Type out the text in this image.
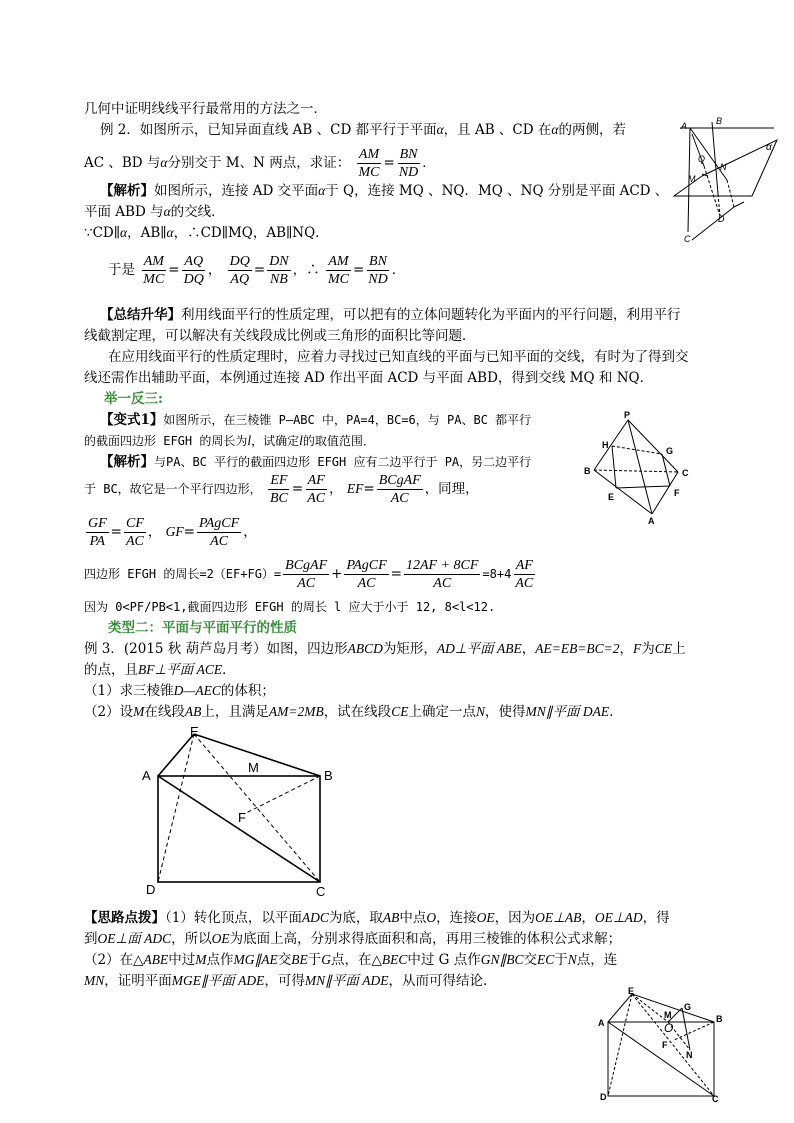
几何中证明线线平行最常用的方法之一．
例 2．如图所示，已知异面直线 AB 、CD 都平行于平面α，且 AB 、CD 在α的两侧，若
AC 、BD 与α分别交于 M、N 两点，求证： $\frac{AM}{MC} = \frac{BN}{ND}$ ．
【解析】如图所示，连接 AD 交平面α于 Q，连接 MQ 、NQ．MQ 、NQ 分别是平面 ACD 、
平面 ABD 与α的交线．
∵CD∥α，AB∥α，∴CD∥MQ，AB∥NQ．
于是 $\frac{AM}{MC} = \frac{AQ}{DQ}$ ， $\frac{DQ}{AQ} = \frac{DN}{NB}$ ，∴ $\frac{AM}{MC} = \frac{BN}{ND}$ ．
【总结升华】利用线面平行的性质定理，可以把有的立体问题转化为平面内的平行问题，利用平行
线截割定理，可以解决有关线段成比例或三角形的面积比等问题．
在应用线面平行的性质定理时，应着力寻找过已知直线的平面与已知平面的交线，有时为了得到交
线还需作出辅助平面，本例通过连接 AD 作出平面 ACD 与平面 ABD，得到交线 MQ 和 NQ．
举一反三:
【变式1】如图所示，在三棱锥 P—ABC 中，PA=4，BC=6，与 PA、BC 都平行
的截面四边形 EFGH 的周长为l，试确定l的取值范围．
【解析】与PA、BC 平行的截面四边形 EFGH 应有二边平行于 PA，另二边平行
于 BC，故它是一个平行四边形， $\frac{EF}{BC} = \frac{AF}{AC}$ ， $EF= \frac{\text{BCgAF}}{AC}$ ，同理，
$\frac{GF}{PA} = \frac{CF}{AC}$ ， $GF= \frac{\text{PAgCF}}{AC}$ ，
四边形 EFGH 的周长$=2(EF+FG)= \frac{\text{BCgAF}}{AC} + \frac{\text{PAgCF}}{AC} = \frac{12AF + 8CF}{AC} =8+4 \frac{AF}{AC}$
因为 0<PF/PB<1,截面四边形 EFGH 的周长 l 应大于小于 12, 8<l<12.
类型二：平面与平面平行的性质
例 3．(2015 秋 葫芦岛月考）如图，四边形ABCD为矩形，AD⊥平面 ABE，AE=EB=BC=2，F为CE上
的点，且BF⊥平面 ACE．
（1）求三棱锥D—AEC的体积；
（2）设M在线段AB上，且满足AM=2MB，试在线段CE上确定一点N，使得MN∥平面 DAE．
【思路点拨】（1）转化顶点，以平面ADC为底，取AB中点O，连接OE，因为OE⊥AB，OE⊥AD，得
到OE⊥面 ADC，所以OE为底面上高，分别求得底面积和高，再用三棱锥的体积公式求解；
（2）在△ABE中过M点作MG∥AE交BE于G点，在△BEC中过 G 点作GN∥BC交EC于N点，连
MN，证明平面MGE∥平面 ADE，可得MN∥平面 ADE，从而可得结论．
A	B
Q
N
M
D
C
α
P
H
G
B	C
E	F
A
E
M
A	B
F
D	C
E
A
M
G
B
O
F
N
D	C
